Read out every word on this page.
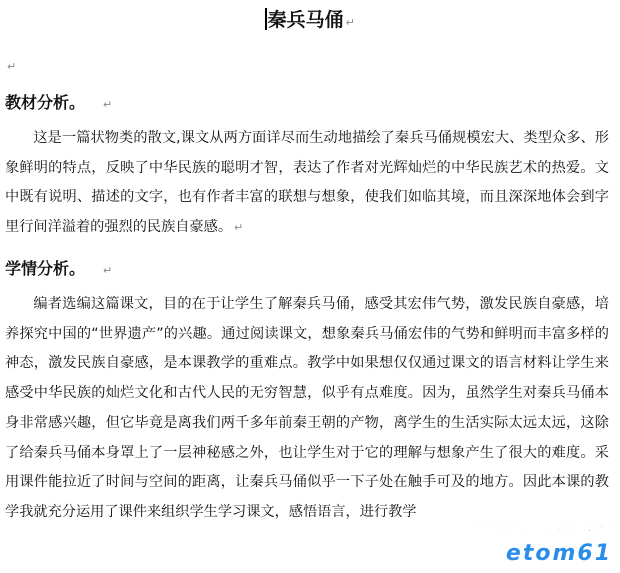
秦兵马俑 ↵
↵
教材分析。 ↵

这是一篇状物类的散文,课文从两方面详尽而生动地描绘了秦兵马俑规模宏大、类型众多、形象鲜明的特点，反映了中华民族的聪明才智，表达了作者对光辉灿烂的中华民族艺术的热爱。文中既有说明、描述的文字，也有作者丰富的联想与想象，使我们如临其境，而且深深地体会到字里行间洋溢着的强烈的民族自豪感。 ↵

学情分析。 ↵

编者选编这篇课文，目的在于让学生了解秦兵马俑，感受其宏伟气势，激发民族自豪感，培养探究中国的“世界遗产”的兴趣。通过阅读课文，想象秦兵马俑宏伟的气势和鲜明而丰富多样的神态，激发民族自豪感，是本课教学的重难点。教学中如果想仅仅通过课文的语言材料让学生来感受中华民族的灿烂文化和古代人民的无穷智慧，似乎有点难度。因为，虽然学生对秦兵马俑本身非常感兴趣，但它毕竟是离我们两千多年前秦王朝的产物，离学生的生活实际太远太远，这除了给秦兵马俑本身罩上了一层神秘感之外，也让学生对于它的理解与想象产生了很大的难度。采用课件能拉近了时间与空间的距离，让秦兵马俑似乎一下子处在触手可及的地方。因此本课的教学我就充分运用了课件来组织学生学习课文，感悟语言，进行教学

儿童资源网小学课件
etom61
